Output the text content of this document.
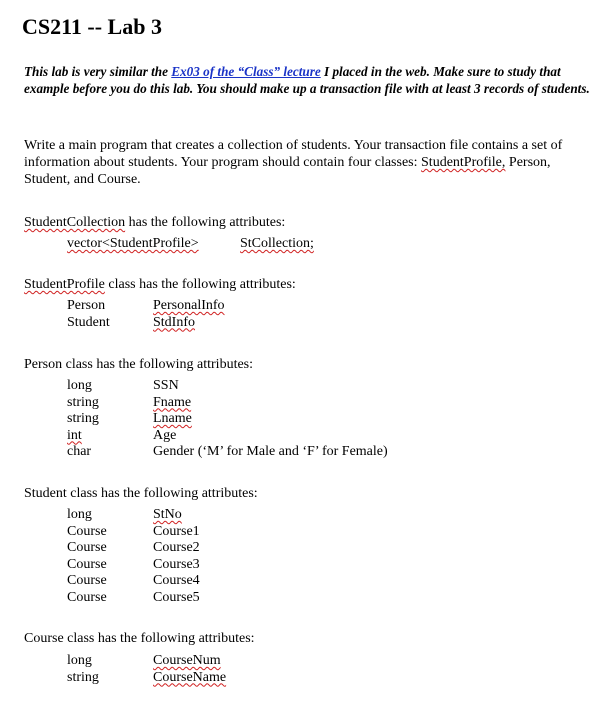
CS211 -- Lab 3

This lab is very similar the Ex03 of the “Class” lecture I placed in the web. Make sure to study that example before you do this lab. You should make up a transaction file with at least 3 records of students.

Write a main program that creates a collection of students. Your transaction file contains a set of information about students. Your program should contain four classes: StudentProfile, Person, Student, and Course.

StudentCollection has the following attributes:
vector<StudentProfile>	StCollection;
StudentProfile class has the following attributes:
Person	PersonalInfo
Student	StdInfo
Person class has the following attributes:
long	SSN
string	Fname
string	Lname
int	Age
char	Gender (‘M’ for Male and ‘F’ for Female)
Student class has the following attributes:
long	StNo
Course	Course1
Course	Course2
Course	Course3
Course	Course4
Course	Course5
Course class has the following attributes:
long	CourseNum
string	CourseName
